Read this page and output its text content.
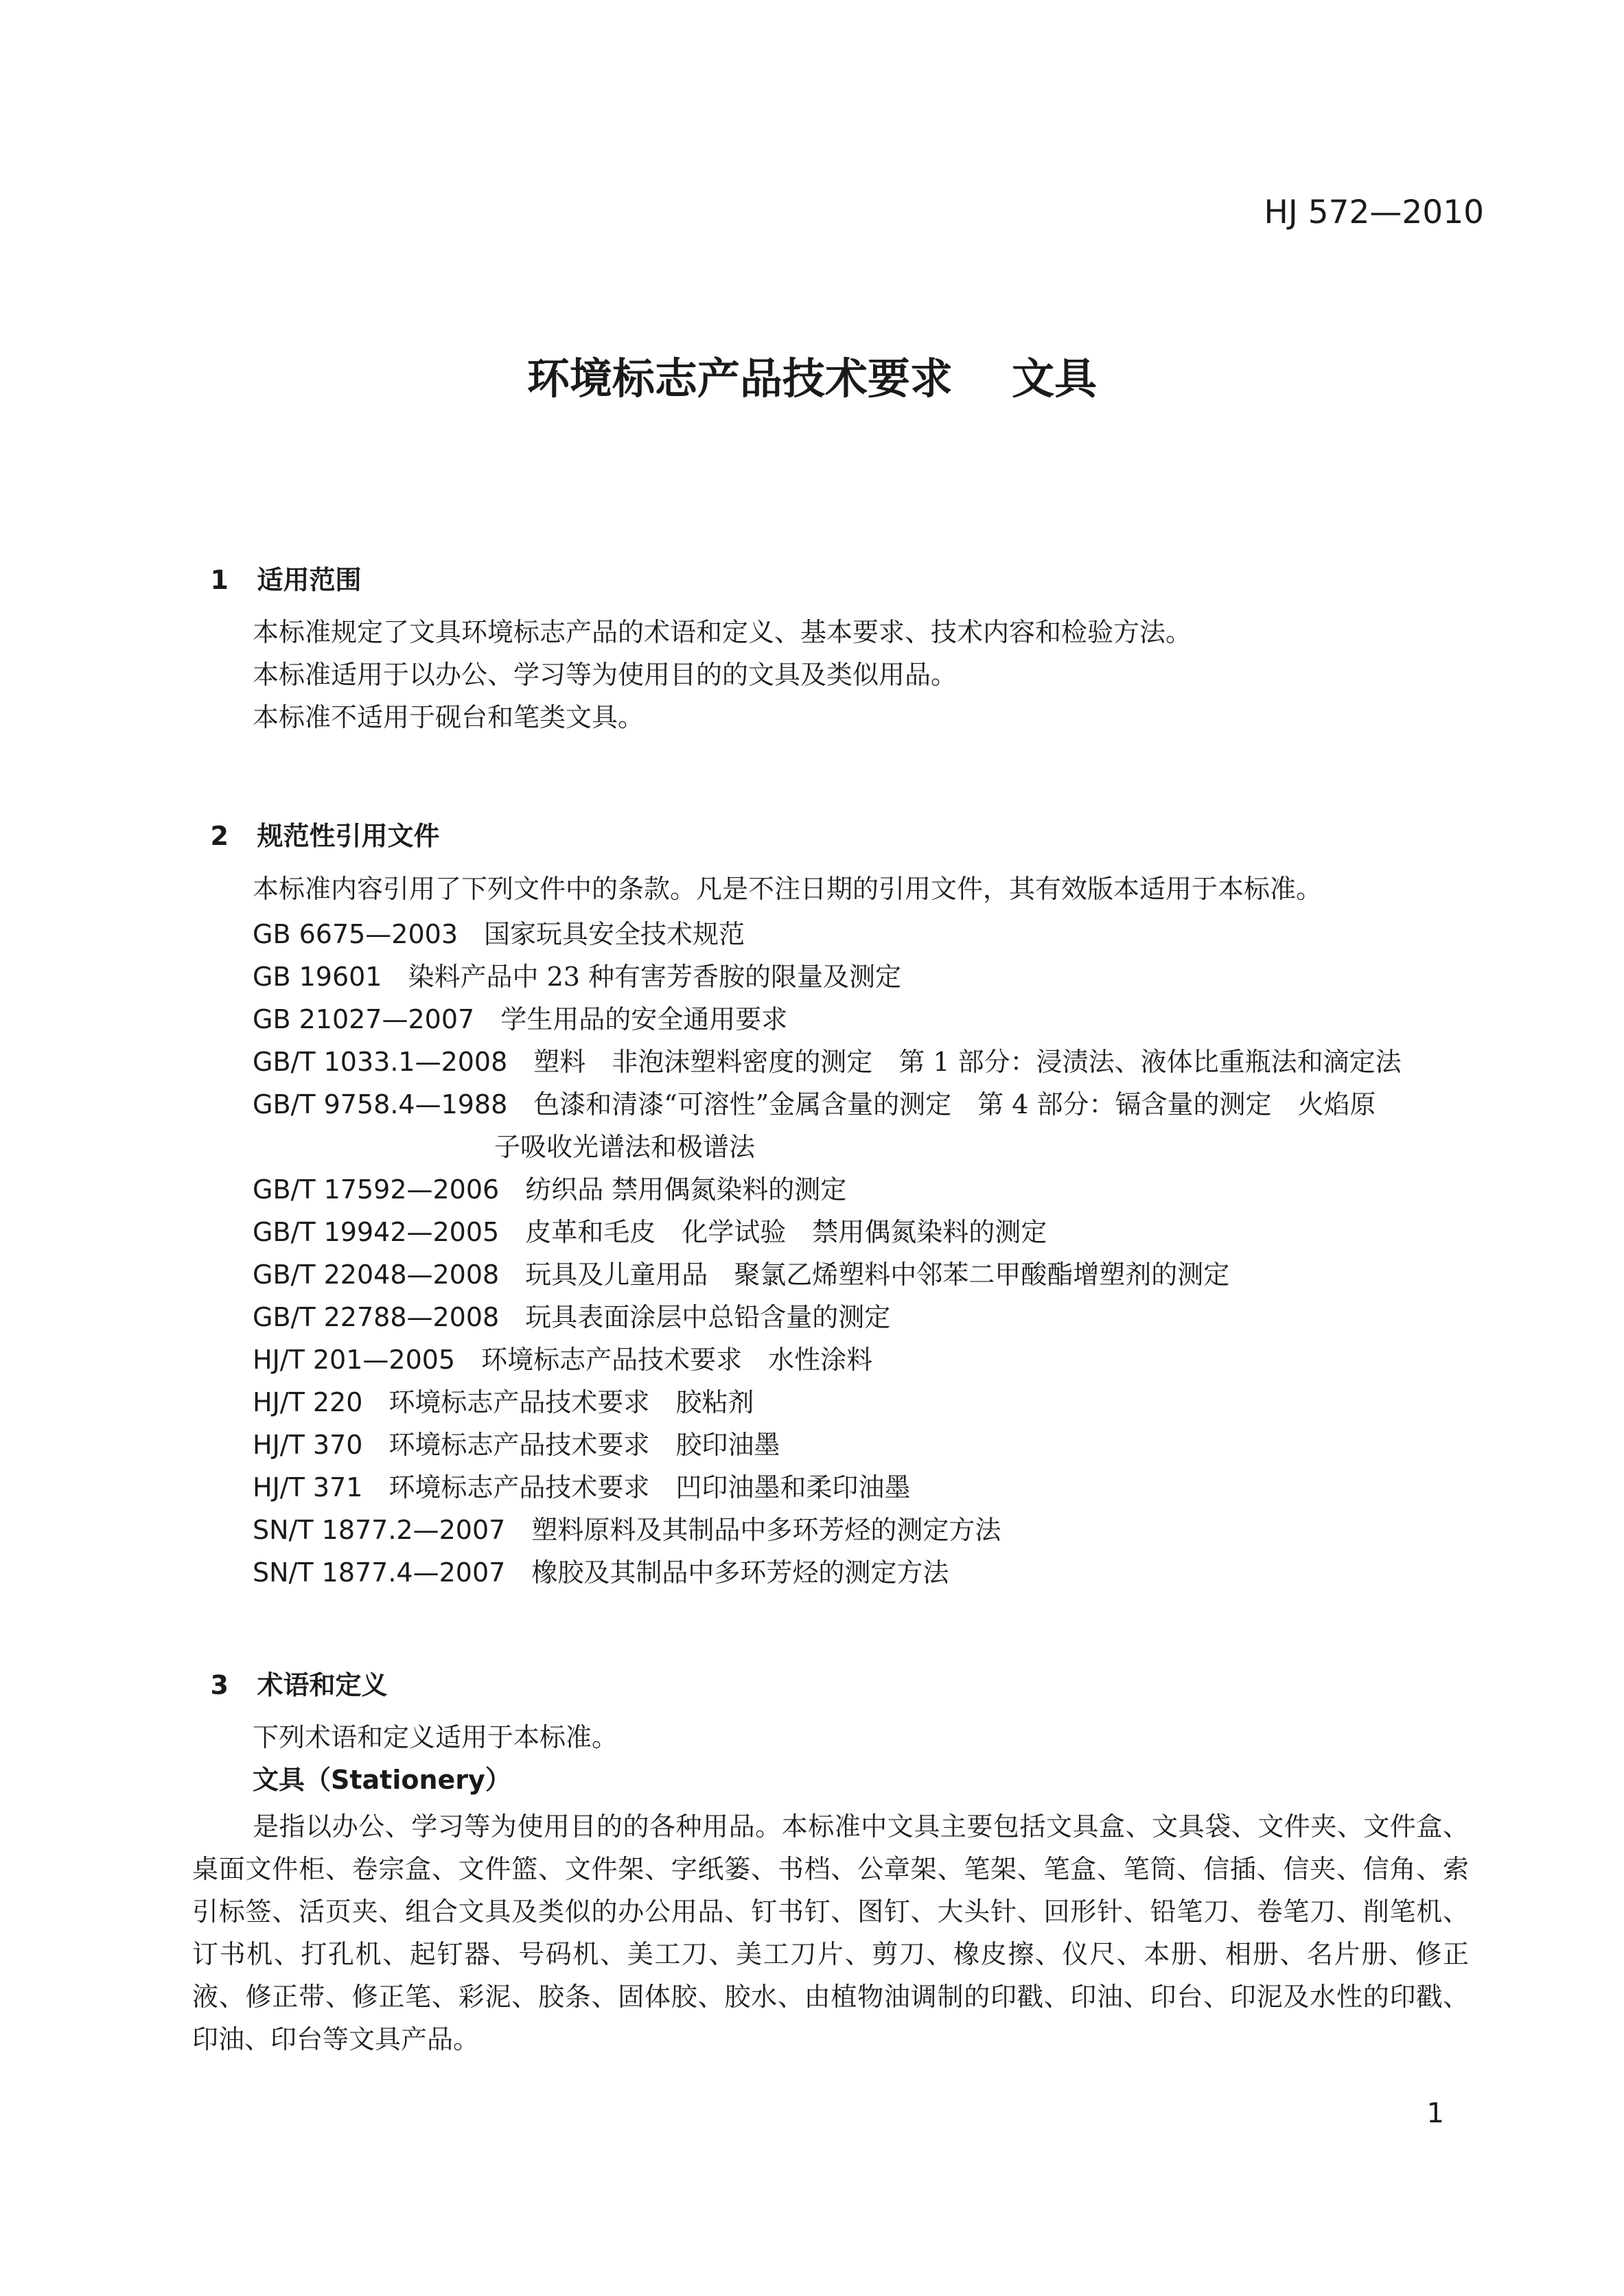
HJ 572—2010
环境标志产品技术要求    文具

1 适用范围

本标准规定了文具环境标志产品的术语和定义、基本要求、技术内容和检验方法。
本标准适用于以办公、学习等为使用目的的文具及类似用品。
本标准不适用于砚台和笔类文具。

2 规范性引用文件

本标准内容引用了下列文件中的条款。凡是不注日期的引用文件，其有效版本适用于本标准。
GB 6675—2003 国家玩具安全技术规范
GB 19601 染料产品中 23 种有害芳香胺的限量及测定
GB 21027—2007 学生用品的安全通用要求
GB/T 1033.1—2008 塑料　非泡沫塑料密度的测定　第 1 部分：浸渍法、液体比重瓶法和滴定法
GB/T 9758.4—1988 色漆和清漆“可溶性”金属含量的测定　第 4 部分：镉含量的测定　火焰原
子吸收光谱法和极谱法
GB/T 17592—2006 纺织品 禁用偶氮染料的测定
GB/T 19942—2005 皮革和毛皮　化学试验　禁用偶氮染料的测定
GB/T 22048—2008 玩具及儿童用品　聚氯乙烯塑料中邻苯二甲酸酯增塑剂的测定
GB/T 22788—2008 玩具表面涂层中总铅含量的测定
HJ/T 201—2005 环境标志产品技术要求　水性涂料
HJ/T 220 环境标志产品技术要求　胶粘剂
HJ/T 370 环境标志产品技术要求　胶印油墨
HJ/T 371 环境标志产品技术要求　凹印油墨和柔印油墨
SN/T 1877.2—2007 塑料原料及其制品中多环芳烃的测定方法
SN/T 1877.4—2007 橡胶及其制品中多环芳烃的测定方法

3 术语和定义

下列术语和定义适用于本标准。
文具（Stationery）
是指以办公、学习等为使用目的的各种用品。本标准中文具主要包括文具盒、文具袋、文件夹、文件盒、桌面文件柜、卷宗盒、文件篮、文件架、字纸篓、书档、公章架、笔架、笔盒、笔筒、信插、信夹、信角、索引标签、活页夹、组合文具及类似的办公用品、钉书钉、图钉、大头针、回形针、铅笔刀、卷笔刀、削笔机、订书机、打孔机、起钉器、号码机、美工刀、美工刀片、剪刀、橡皮擦、仪尺、本册、相册、名片册、修正液、修正带、修正笔、彩泥、胶条、固体胶、胶水、由植物油调制的印戳、印油、印台、印泥及水性的印戳、印油、印台等文具产品。
1
